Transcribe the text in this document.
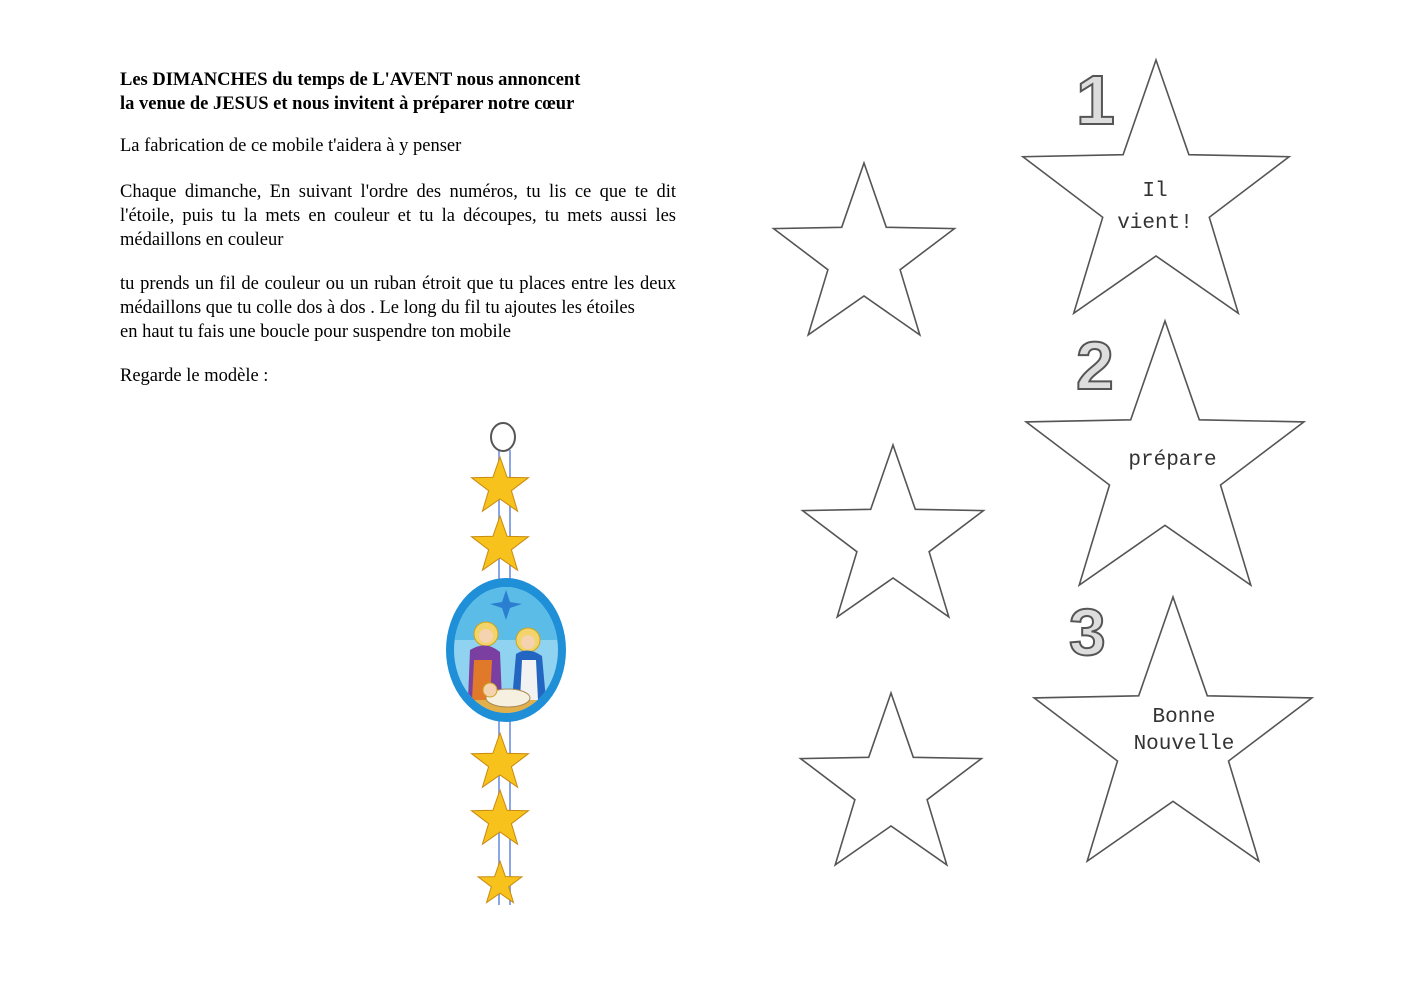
Les DIMANCHES du temps de L'AVENT nous annoncent

la venue de JESUS et nous invitent à préparer notre cœur

La fabrication de ce mobile t'aidera à y penser

Chaque dimanche, En suivant l'ordre des numéros, tu lis ce que te dit l'étoile, puis tu la mets en couleur et tu la découpes, tu mets aussi les médaillons en couleur

tu prends un fil de couleur ou un ruban étroit que tu places entre les deux médaillons que tu colle dos à dos . Le long du fil tu ajoutes les étoiles

en haut tu fais une boucle pour suspendre ton mobile

Regarde le modèle :

1
2
3
Il
vient!
prépare
Bonne
Nouvelle
